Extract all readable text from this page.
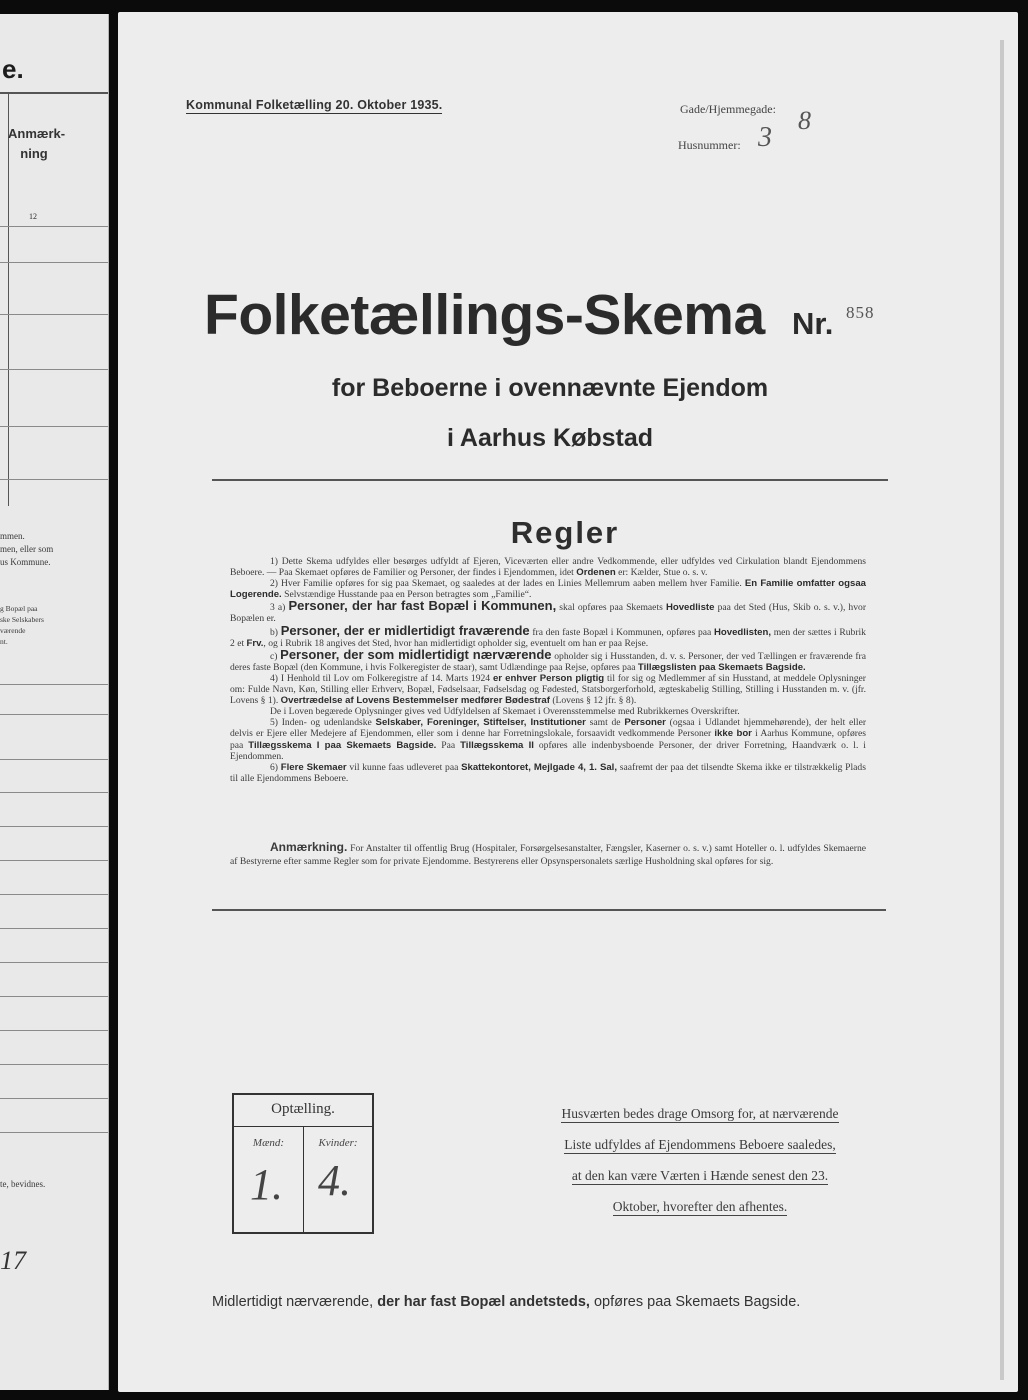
e.
Anmærk-ning
12
mmen.
men, eller som
us Kommune.
g Bopæl paa
ske Selskabers
værende
nt.
te, bevidnes.
17
Kommunal Folketælling 20. Oktober 1935.	Gade/Hjemmegade: 8
Husnummer: 3
Folketællings-Skema Nr. 858
for Beboerne i ovennævnte Ejendom
i Aarhus Købstad
Regler

1) Dette Skema udfyldes eller besørges udfyldt af Ejeren, Viceværten eller andre Vedkommende, eller udfyldes ved Cirkulation blandt Ejendommens Beboere. — Paa Skemaet opføres de Familier og Personer, der findes i Ejendommen, idet Ordenen er: Kælder, Stue o. s. v.

2) Hver Familie opføres for sig paa Skemaet, og saaledes at der lades en Linies Mellemrum aaben mellem hver Familie. En Familie omfatter ogsaa Logerende. Selvstændige Husstande paa en Person betragtes som „Familie“.

3 a) Personer, der har fast Bopæl i Kommunen, skal opføres paa Skemaets Hovedliste paa det Sted (Hus, Skib o. s. v.), hvor Bopælen er.

b) Personer, der er midlertidigt fraværende fra den faste Bopæl i Kommunen, opføres paa Hovedlisten, men der sættes i Rubrik 2 et Frv., og i Rubrik 18 angives det Sted, hvor han midlertidigt opholder sig, eventuelt om han er paa Rejse.

c) Personer, der som midlertidigt nærværende opholder sig i Husstanden, d. v. s. Personer, der ved Tællingen er fraværende fra deres faste Bopæl (den Kommune, i hvis Folkeregister de staar), samt Udlændinge paa Rejse, opføres paa Tillægslisten paa Skemaets Bagside.

4) I Henhold til Lov om Folkeregistre af 14. Marts 1924 er enhver Person pligtig til for sig og Medlemmer af sin Husstand, at meddele Oplysninger om: Fulde Navn, Køn, Stilling eller Erhverv, Bopæl, Fødselsaar, Fødselsdag og Fødested, Statsborgerforhold, ægteskabelig Stilling, Stilling i Husstanden m. v. (jfr. Lovens § 1). Overtrædelse af Lovens Bestemmelser medfører Bødestraf (Lovens § 12 jfr. § 8).

De i Loven begærede Oplysninger gives ved Udfyldelsen af Skemaet i Overensstemmelse med Rubrikkernes Overskrifter.

5) Inden- og udenlandske Selskaber, Foreninger, Stiftelser, Institutioner samt de Personer (ogsaa i Udlandet hjemmehørende), der helt eller delvis er Ejere eller Medejere af Ejendommen, eller som i denne har Forretningslokale, forsaavidt vedkommende Personer ikke bor i Aarhus Kommune, opføres paa Tillægsskema I paa Skemaets Bagside. Paa Tillægsskema II opføres alle indenbysboende Personer, der driver Forretning, Haandværk o. l. i Ejendommen.

6) Flere Skemaer vil kunne faas udleveret paa Skattekontoret, Mejlgade 4, 1. Sal, saafremt der paa det tilsendte Skema ikke er tilstrækkelig Plads til alle Ejendommens Beboere.

Anmærkning. For Anstalter til offentlig Brug (Hospitaler, Forsørgelsesanstalter, Fængsler, Kaserner o. s. v.) samt Hoteller o. l. udfyldes Skemaerne af Bestyrerne efter samme Regler som for private Ejendomme. Bestyrerens eller Opsynspersonalets særlige Husholdning skal opføres for sig.

Optælling.
Mænd:	Kvinder:
1. 4.
Husværten bedes drage Omsorg for, at nærværende
Liste udfyldes af Ejendommens Beboere saaledes,
at den kan være Værten i Hænde senest den 23.
Oktober, hvorefter den afhentes.
Midlertidigt nærværende, der har fast Bopæl andetsteds, opføres paa Skemaets Bagside.
